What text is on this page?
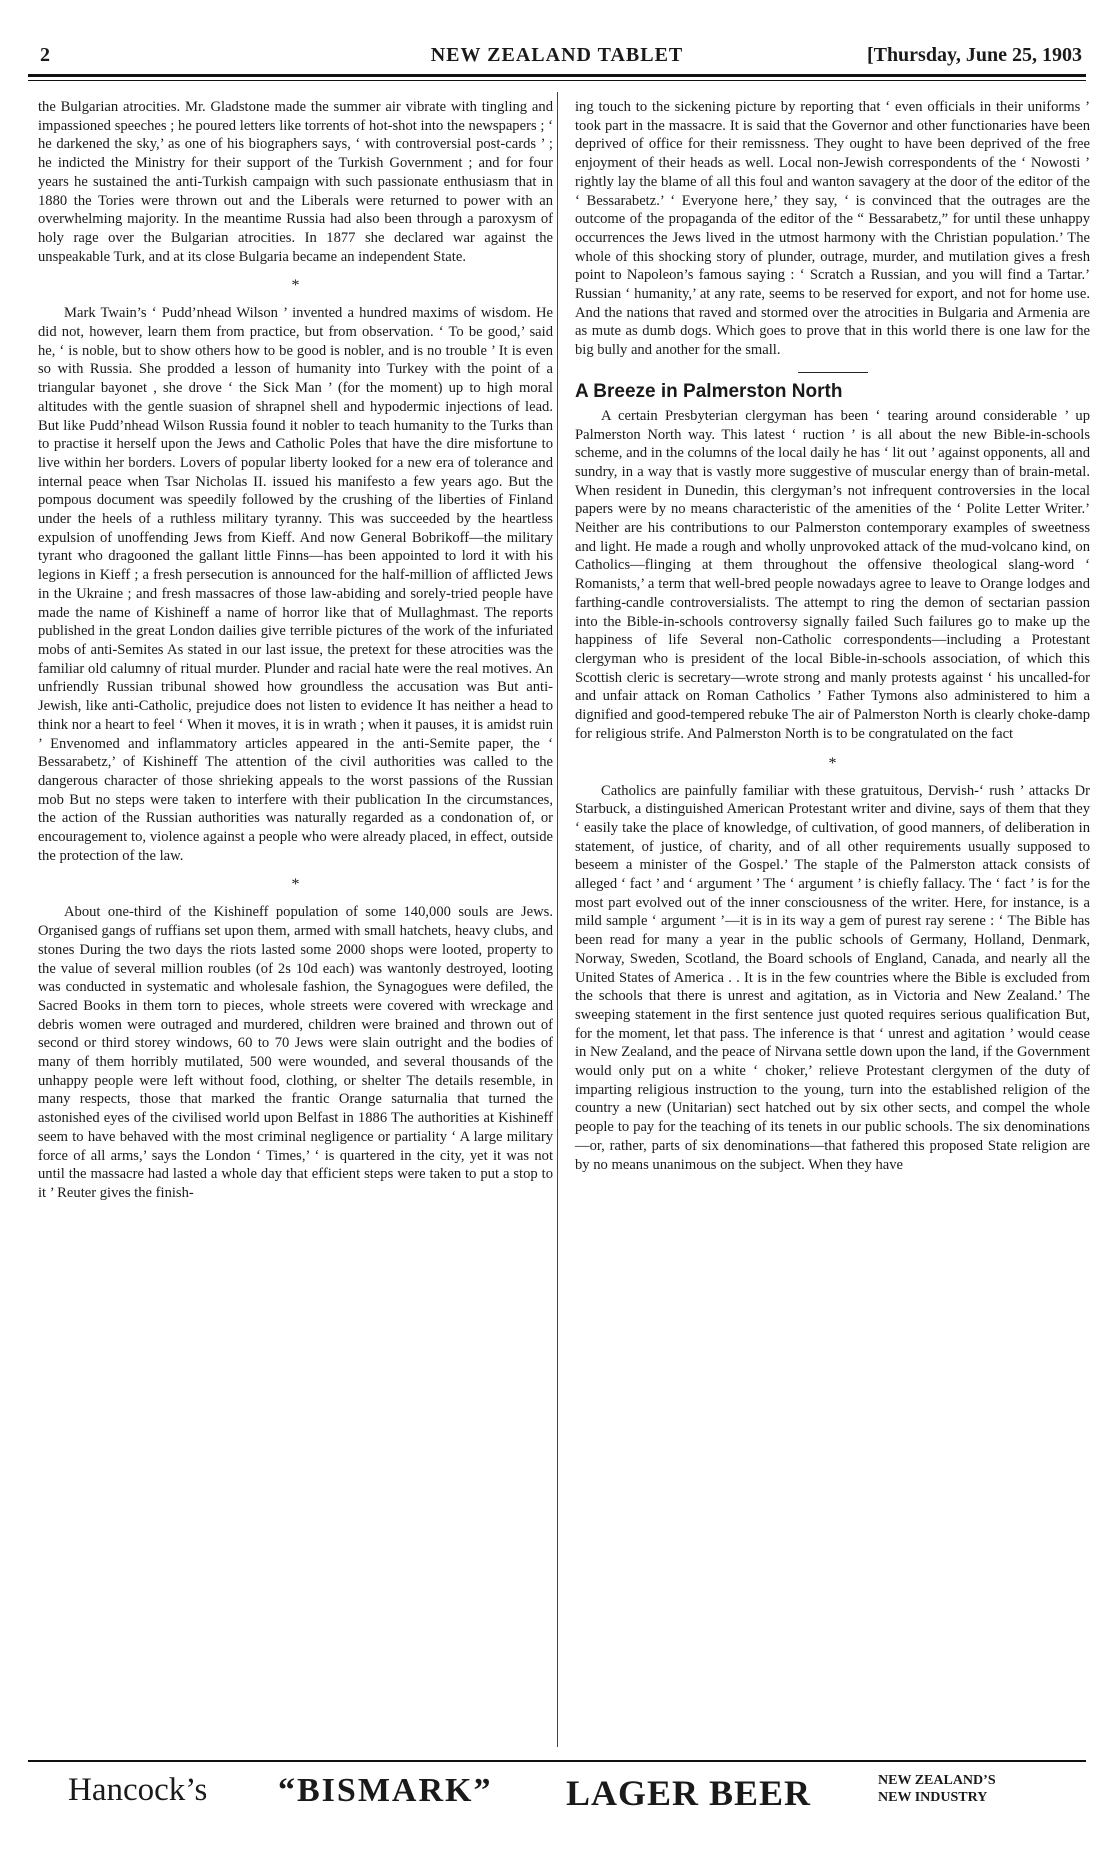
2	NEW ZEALAND TABLET	[Thursday, June 25, 1903

the Bulgarian atrocities. Mr. Gladstone made the summer air vibrate with tingling and impassioned speeches ; he poured letters like torrents of hot-shot into the newspapers ; ‘ he darkened the sky,’ as one of his biographers says, ‘ with controversial post-cards ’ ; he indicted the Ministry for their support of the Turkish Government ; and for four years he sustained the anti-Turkish campaign with such passionate enthusiasm that in 1880 the Tories were thrown out and the Liberals were returned to power with an overwhelming majority. In the meantime Russia had also been through a paroxysm of holy rage over the Bulgarian atrocities. In 1877 she declared war against the unspeakable Turk, and at its close Bulgaria became an independent State.

*

Mark Twain’s ‘ Pudd’nhead Wilson ’ invented a hundred maxims of wisdom. He did not, however, learn them from practice, but from observation. ‘ To be good,’ said he, ‘ is noble, but to show others how to be good is nobler, and is no trouble ’ It is even so with Russia. She prodded a lesson of humanity into Turkey with the point of a triangular bayonet , she drove ‘ the Sick Man ’ (for the moment) up to high moral altitudes with the gentle suasion of shrapnel shell and hypodermic injections of lead. But like Pudd’nhead Wilson Russia found it nobler to teach humanity to the Turks than to practise it herself upon the Jews and Catholic Poles that have the dire misfortune to live within her borders. Lovers of popular liberty looked for a new era of tolerance and internal peace when Tsar Nicholas II. issued his manifesto a few years ago. But the pompous document was speedily followed by the crushing of the liberties of Finland under the heels of a ruthless military tyranny. This was succeeded by the heartless expulsion of unoffending Jews from Kieff. And now General Bobrikoff—the military tyrant who dragooned the gallant little Finns—has been appointed to lord it with his legions in Kieff ; a fresh persecution is announced for the half-million of afflicted Jews in the Ukraine ; and fresh massacres of those law-abiding and sorely-tried people have made the name of Kishineff a name of horror like that of Mullaghmast. The reports published in the great London dailies give terrible pictures of the work of the infuriated mobs of anti-Semites As stated in our last issue, the pretext for these atrocities was the familiar old calumny of ritual murder. Plunder and racial hate were the real motives. An unfriendly Russian tribunal showed how groundless the accusation was But anti-Jewish, like anti-Catholic, prejudice does not listen to evidence It has neither a head to think nor a heart to feel ‘ When it moves, it is in wrath ; when it pauses, it is amidst ruin ’ Envenomed and inflammatory articles appeared in the anti-Semite paper, the ‘ Bessarabetz,’ of Kishineff The attention of the civil authorities was called to the dangerous character of those shrieking appeals to the worst passions of the Russian mob But no steps were taken to interfere with their publication In the circumstances, the action of the Russian authorities was naturally regarded as a condonation of, or encouragement to, violence against a people who were already placed, in effect, outside the protection of the law.

*

About one-third of the Kishineff population of some 140,000 souls are Jews. Organised gangs of ruffians set upon them, armed with small hatchets, heavy clubs, and stones During the two days the riots lasted some 2000 shops were looted, property to the value of several million roubles (of 2s 10d each) was wantonly destroyed, looting was conducted in systematic and wholesale fashion, the Synagogues were defiled, the Sacred Books in them torn to pieces, whole streets were covered with wreckage and debris women were outraged and murdered, children were brained and thrown out of second or third storey windows, 60 to 70 Jews were slain outright and the bodies of many of them horribly mutilated, 500 were wounded, and several thousands of the unhappy people were left without food, clothing, or shelter The details resemble, in many respects, those that marked the frantic Orange saturnalia that turned the astonished eyes of the civilised world upon Belfast in 1886 The authorities at Kishineff seem to have behaved with the most criminal negligence or partiality ‘ A large military force of all arms,’ says the London ‘ Times,’ ‘ is quartered in the city, yet it was not until the massacre had lasted a whole day that efficient steps were taken to put a stop to it ’ Reuter gives the finish-

ing touch to the sickening picture by reporting that ‘ even officials in their uniforms ’ took part in the massacre. It is said that the Governor and other functionaries have been deprived of office for their remissness. They ought to have been deprived of the free enjoyment of their heads as well. Local non-Jewish correspondents of the ‘ Nowosti ’ rightly lay the blame of all this foul and wanton savagery at the door of the editor of the ‘ Bessarabetz.’ ‘ Everyone here,’ they say, ‘ is convinced that the outrages are the outcome of the propaganda of the editor of the “ Bessarabetz,” for until these unhappy occurrences the Jews lived in the utmost harmony with the Christian population.’ The whole of this shocking story of plunder, outrage, murder, and mutilation gives a fresh point to Napoleon’s famous saying : ‘ Scratch a Russian, and you will find a Tartar.’ Russian ‘ humanity,’ at any rate, seems to be reserved for export, and not for home use. And the nations that raved and stormed over the atrocities in Bulgaria and Armenia are as mute as dumb dogs. Which goes to prove that in this world there is one law for the big bully and another for the small.

A Breeze in Palmerston North

A certain Presbyterian clergyman has been ‘ tearing around considerable ’ up Palmerston North way. This latest ‘ ruction ’ is all about the new Bible-in-schools scheme, and in the columns of the local daily he has ‘ lit out ’ against opponents, all and sundry, in a way that is vastly more suggestive of muscular energy than of brain-metal. When resident in Dunedin, this clergyman’s not infrequent controversies in the local papers were by no means characteristic of the amenities of the ‘ Polite Letter Writer.’ Neither are his contributions to our Palmerston contemporary examples of sweetness and light. He made a rough and wholly unprovoked attack of the mud-volcano kind, on Catholics—flinging at them throughout the offensive theological slang-word ‘ Romanists,’ a term that well-bred people nowadays agree to leave to Orange lodges and farthing-candle controversialists. The attempt to ring the demon of sectarian passion into the Bible-in-schools controversy signally failed Such failures go to make up the happiness of life Several non-Catholic correspondents—including a Protestant clergyman who is president of the local Bible-in-schools association, of which this Scottish cleric is secretary—wrote strong and manly protests against ‘ his uncalled-for and unfair attack on Roman Catholics ’ Father Tymons also administered to him a dignified and good-tempered rebuke The air of Palmerston North is clearly choke-damp for religious strife. And Palmerston North is to be congratulated on the fact

*

Catholics are painfully familiar with these gratuitous, Dervish-‘ rush ’ attacks Dr Starbuck, a distinguished American Protestant writer and divine, says of them that they ‘ easily take the place of knowledge, of cultivation, of good manners, of deliberation in statement, of justice, of charity, and of all other requirements usually supposed to beseem a minister of the Gospel.’ The staple of the Palmerston attack consists of alleged ‘ fact ’ and ‘ argument ’ The ‘ argument ’ is chiefly fallacy. The ‘ fact ’ is for the most part evolved out of the inner consciousness of the writer. Here, for instance, is a mild sample ‘ argument ’—it is in its way a gem of purest ray serene : ‘ The Bible has been read for many a year in the public schools of Germany, Holland, Denmark, Norway, Sweden, Scotland, the Board schools of England, Canada, and nearly all the United States of America . . It is in the few countries where the Bible is excluded from the schools that there is unrest and agitation, as in Victoria and New Zealand.’ The sweeping statement in the first sentence just quoted requires serious qualification But, for the moment, let that pass. The inference is that ‘ unrest and agitation ’ would cease in New Zealand, and the peace of Nirvana settle down upon the land, if the Government would only put on a white ‘ choker,’ relieve Protestant clergymen of the duty of imparting religious instruction to the young, turn into the established religion of the country a new (Unitarian) sect hatched out by six other sects, and compel the whole people to pay for the teaching of its tenets in our public schools. The six denominations—or, rather, parts of six denominations—that fathered this proposed State religion are by no means unanimous on the subject. When they have

Hancock’s “BISMARK” LAGER BEER	NEW ZEALAND’S
NEW INDUSTRY
